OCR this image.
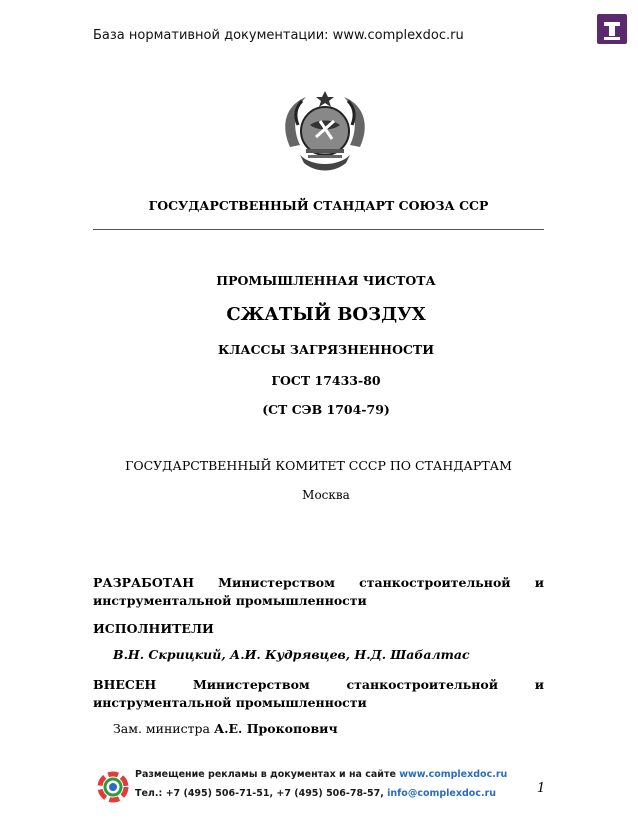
База нормативной документации: www.complexdoc.ru
ГОСУДАРСТВЕННЫЙ СТАНДАРТ СОЮЗА ССР
ПРОМЫШЛЕННАЯ ЧИСТОТА
СЖАТЫЙ ВОЗДУХ
КЛАССЫ ЗАГРЯЗНЕННОСТИ
ГОСТ 17433-80
(СТ СЭВ 1704-79)
ГОСУДАРСТВЕННЫЙ КОМИТЕТ СССР ПО СТАНДАРТАМ
Москва
РАЗРАБОТАН Министерством станкостроительной и
инструментальной промышленности
ИСПОЛНИТЕЛИ
В.Н. Скрицкий, А.И. Кудрявцев, Н.Д. Шабалтас
ВНЕСЕН	Министерством	станкостроительной	и
инструментальной промышленности
Зам. министра А.Е. Прокопович
Размещение рекламы в документах и на сайте www.complexdoc.ru
Тел.: +7 (495) 506-71-51, +7 (495) 506-78-57, info@complexdoc.ru	1
